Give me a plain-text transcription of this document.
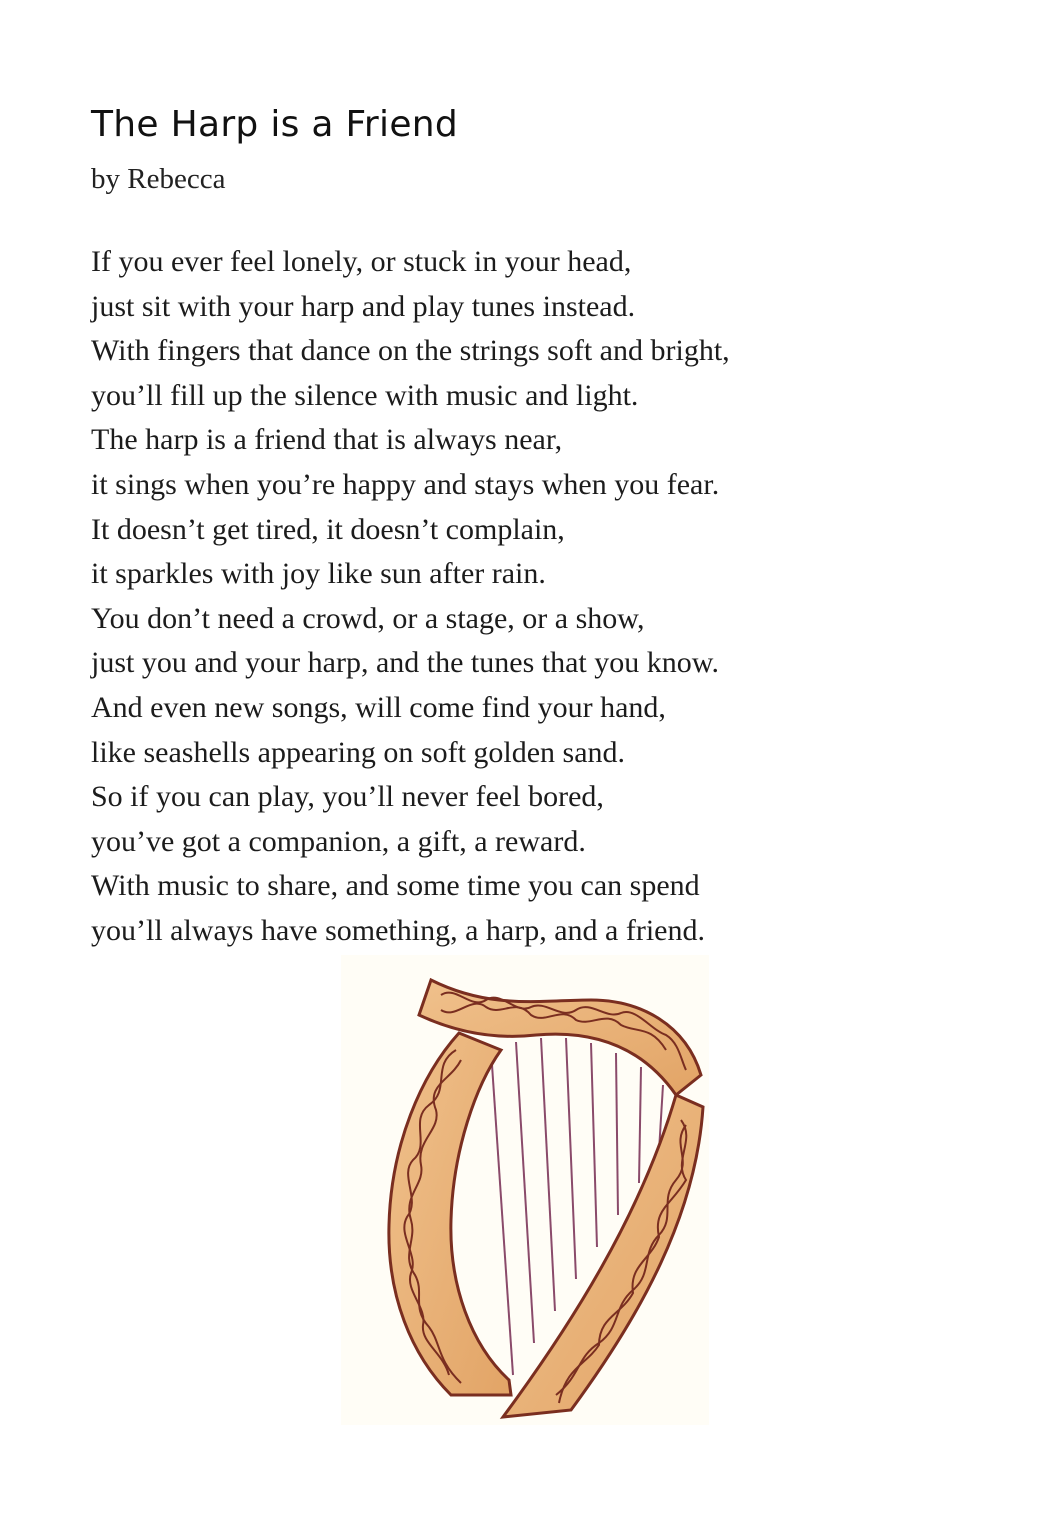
The Harp is a Friend
by Rebecca
If you ever feel lonely, or stuck in your head,
just sit with your harp and play tunes instead.
With fingers that dance on the strings soft and bright,
you’ll fill up the silence with music and light.
The harp is a friend that is always near,
it sings when you’re happy and stays when you fear.
It doesn’t get tired, it doesn’t complain,
it sparkles with joy like sun after rain.
You don’t need a crowd, or a stage, or a show,
just you and your harp, and the tunes that you know.
And even new songs, will come find your hand,
like seashells appearing on soft golden sand.
So if you can play, you’ll never feel bored,
you’ve got a companion, a gift, a reward.
With music to share, and some time you can spend
you’ll always have something, a harp, and a friend.
